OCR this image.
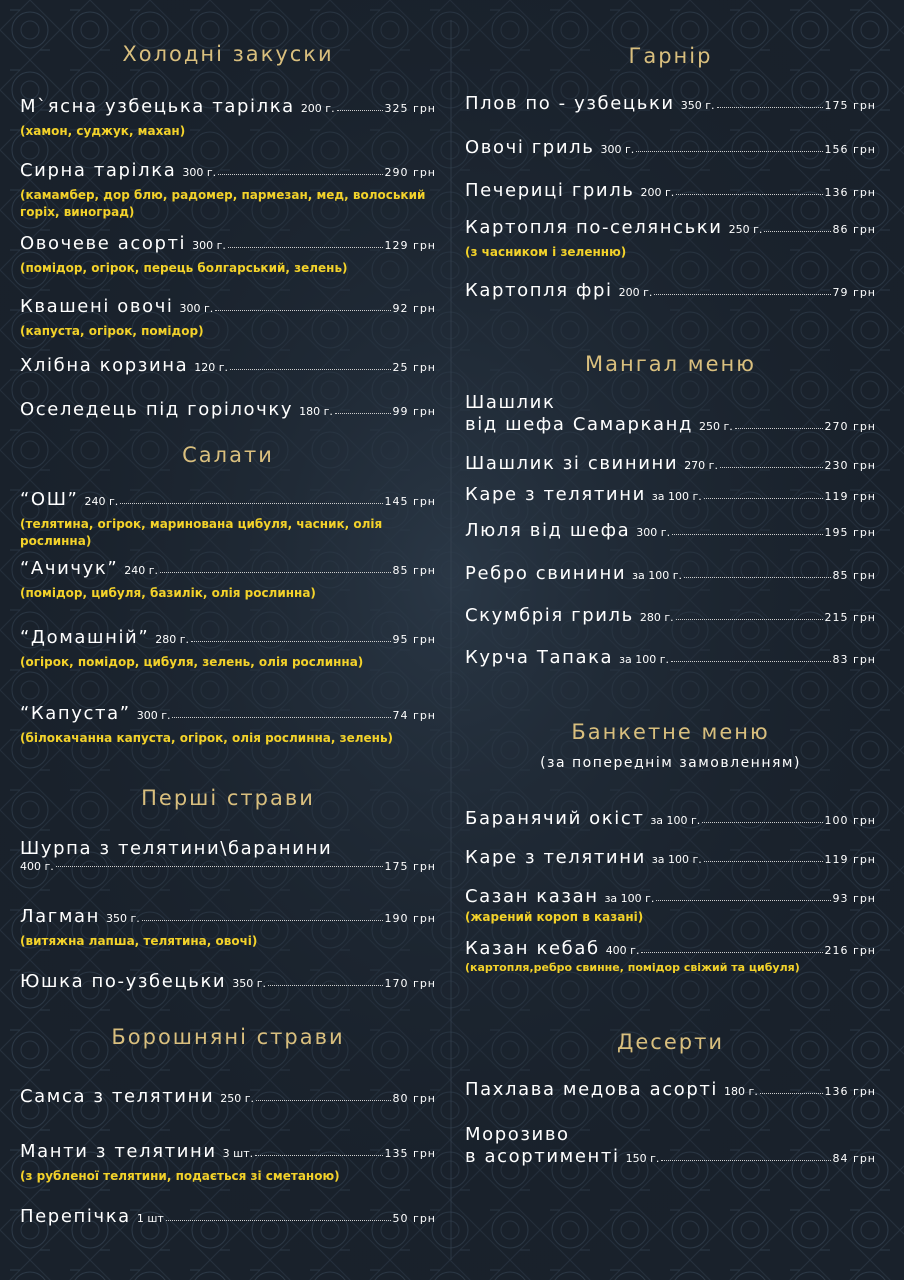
Холодні закуски
М`ясна узбецька тарілка 200 г.	325 грн
(хамон, суджук, махан)
Сирна тарілка 300 г.	290 грн
(камамбер, дор блю, радомер, пармезан, мед, волоський горіх, виноград)
Овочеве асорті 300 г.	129 грн
(помідор, огірок, перець болгарський, зелень)
Квашені овочі 300 г.	92 грн
(капуста, огірок, помідор)
Хлібна корзина 120 г.	25 грн
Оселедець під горілочку 180 г.	99 грн
Салати
“ОШ” 240 г.	145 грн
(телятина, огірок, маринована цибуля, часник, олія рослинна)
“Ачичук” 240 г.	85 грн
(помідор, цибуля, базилік, олія рослинна)
“Домашній” 280 г.	95 грн
(огірок, помідор, цибуля, зелень, олія рослинна)
“Капуста” 300 г.	74 грн
(білокачанна капуста, огірок, олія рослинна, зелень)
Перші страви
Шурпа з телятини\баранини
400 г.	175 грн
Лагман 350 г.	190 грн
(витяжна лапша, телятина, овочі)
Юшка по-узбецьки 350 г.	170 грн
Борошняні страви
Самса з телятини 250 г.	80 грн
Манти з телятини 3 шт.	135 грн
(з рубленої телятини, подається зі сметаною)
Перепічка 1 шт	50 грн
Гарнір
Плов по - узбецьки 350 г.	175 грн
Овочі гриль 300 г.	156 грн
Печериці гриль 200 г.	136 грн
Картопля по-селянськи 250 г.	86 грн
(з часником і зеленню)
Картопля фрі 200 г.	79 грн
Мангал меню
Шашлик
від шефа Самарканд 250 г.	270 грн
Шашлик зі свинини 270 г.	230 грн
Каре з телятини за 100 г.	119 грн
Люля від шефа 300 г.	195 грн
Ребро свинини за 100 г.	85 грн
Скумбрія гриль 280 г.	215 грн
Курча Тапака за 100 г.	83 грн
Банкетне меню
(за попереднім замовленням)
Баранячий окіст за 100 г.	100 грн
Каре з телятини за 100 г.	119 грн
Сазан казан за 100 г.	93 грн
(жарений короп в казані)
Казан кебаб 400 г.	216 грн
(картопля,ребро свинне, помідор свіжий та цибуля)
Десерти
Пахлава медова асорті 180 г.	136 грн
Морозиво
в асортименті 150 г.	84 грн
